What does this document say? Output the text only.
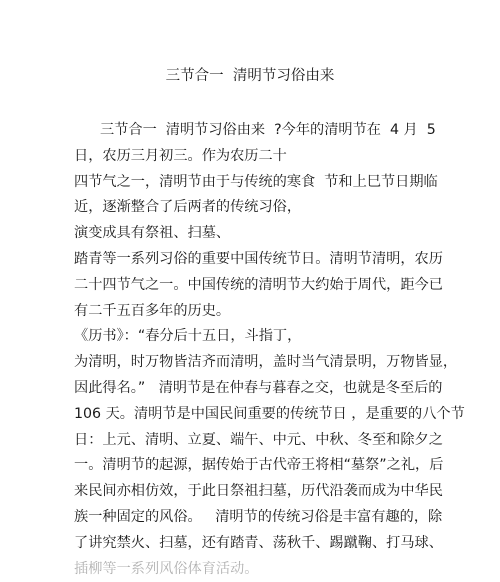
三节合一  清明节习俗由来
三节合一  清明节习俗由来  ?今年的清明节在  4 月  5
日，农历三月初三。作为农历二十
四节气之一，清明节由于与传统的寒食  节和上巳节日期临
近，逐渐整合了后两者的传统习俗，
演变成具有祭祖、扫墓、
踏青等一系列习俗的重要中国传统节日。清明节清明，农历
二十四节气之一。中国传统的清明节大约始于周代，距今已
有二千五百多年的历史。
《历书》：“春分后十五日，斗指丁，
为清明，时万物皆洁齐而清明，盖时当气清景明，万物皆显，
因此得名。”   清明节是在仲春与暮春之交，也就是冬至后的
106 天。清明节是中国民间重要的传统节日 ，是重要的八个节
日：上元、清明、立夏、端午、中元、中秋、冬至和除夕之
一。清明节的起源，据传始于古代帝王将相“墓祭”之礼，后
来民间亦相仿效，于此日祭祖扫墓，历代沿袭而成为中华民
族一种固定的风俗。   清明节的传统习俗是丰富有趣的，除
了讲究禁火、扫墓，还有踏青、荡秋千、踢蹴鞠、打马球、
插柳等一系列风俗体育活动。
